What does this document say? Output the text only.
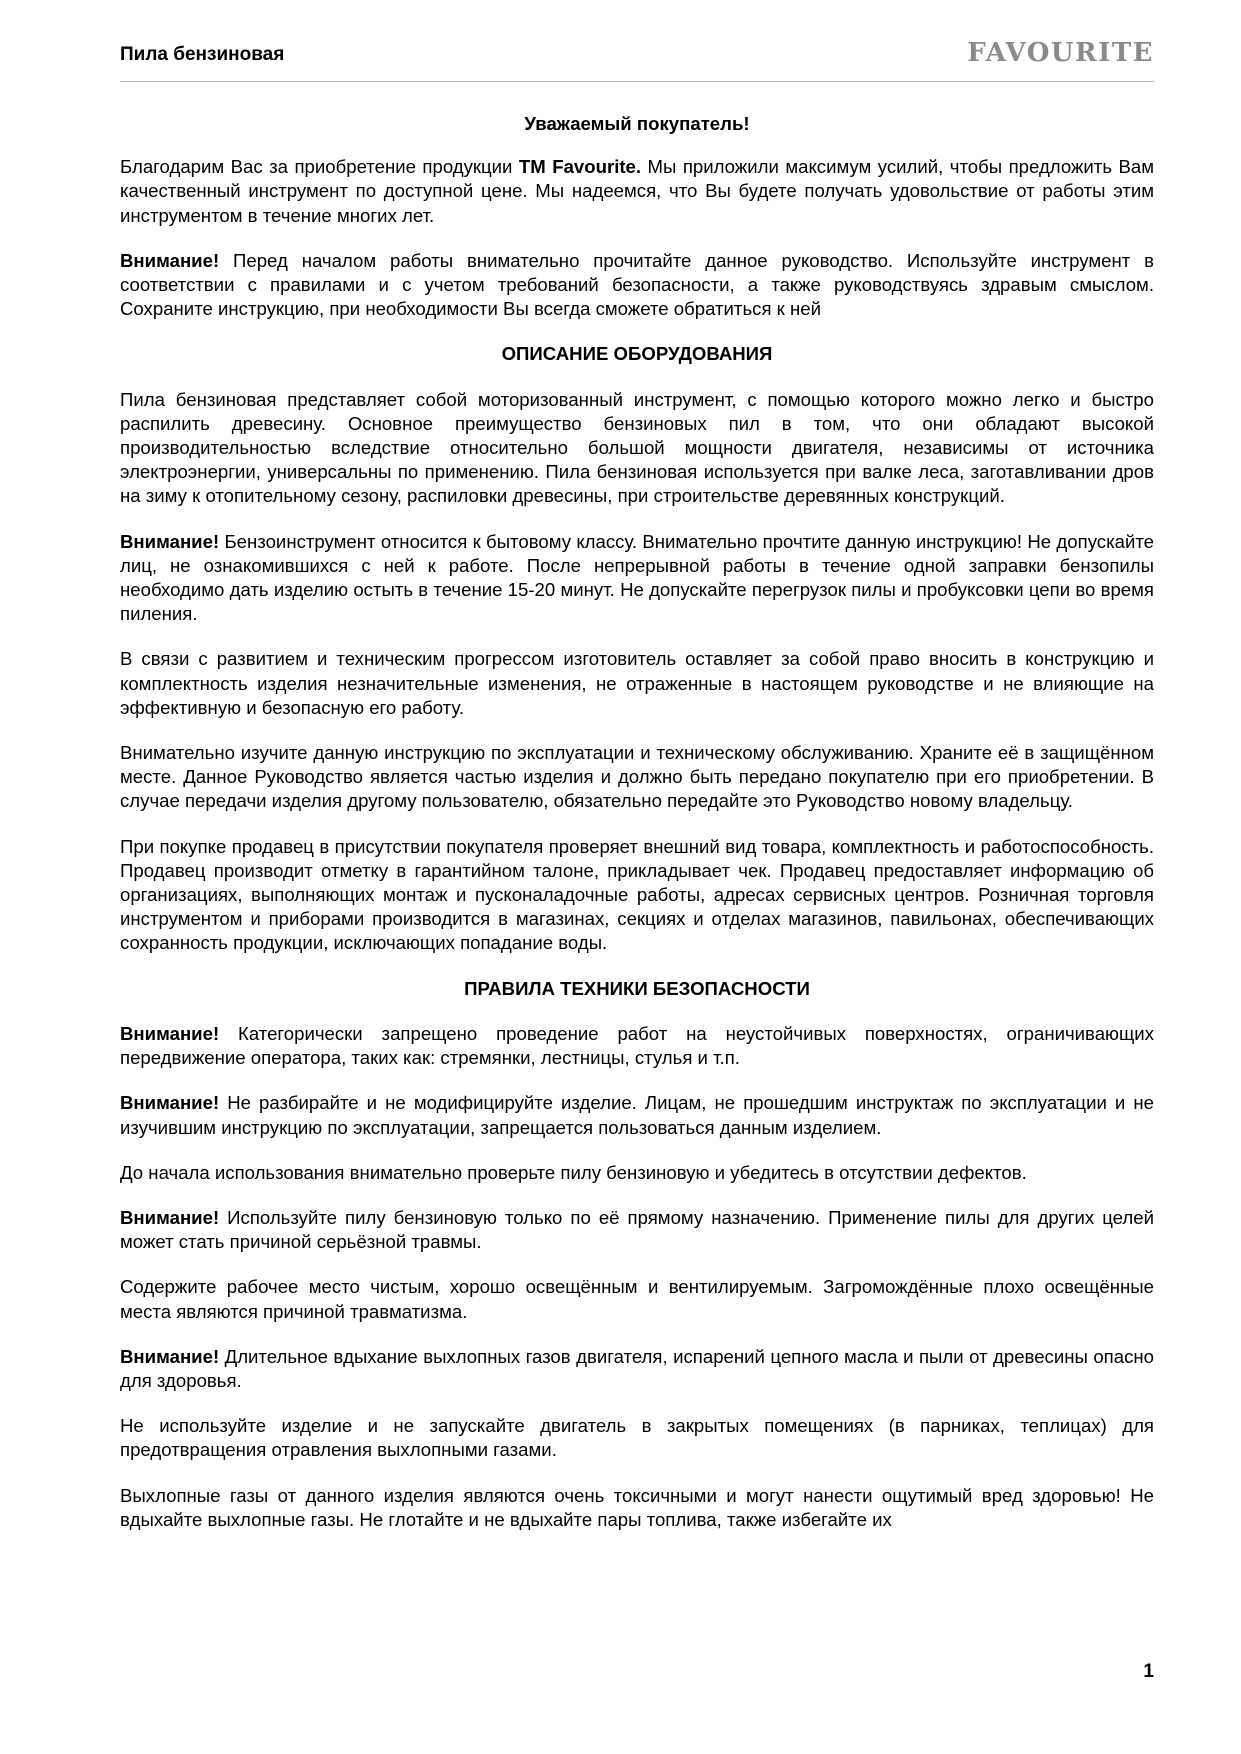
Пила бензиновая	FAVOURITE
Уважаемый покупатель!

Благодарим Вас за приобретение продукции ТМ Favourite. Мы приложили максимум усилий, чтобы предложить Вам качественный инструмент по доступной цене. Мы надеемся, что Вы будете получать удовольствие от работы этим инструментом в течение многих лет.

Внимание! Перед началом работы внимательно прочитайте данное руководство. Используйте инструмент в соответствии с правилами и с учетом требований безопасности, а также руководствуясь здравым смыслом. Сохраните инструкцию, при необходимости Вы всегда сможете обратиться к ней

ОПИСАНИЕ ОБОРУДОВАНИЯ

Пила бензиновая представляет собой моторизованный инструмент, с помощью которого можно легко и быстро распилить древесину. Основное преимущество бензиновых пил в том, что они обладают высокой производительностью вследствие относительно большой мощности двигателя, независимы от источника электроэнергии, универсальны по применению. Пила бензиновая используется при валке леса, заготавливании дров на зиму к отопительному сезону, распиловки древесины, при строительстве деревянных конструкций.

Внимание! Бензоинструмент относится к бытовому классу. Внимательно прочтите данную инструкцию! Не допускайте лиц, не ознакомившихся с ней к работе. После непрерывной работы в течение одной заправки бензопилы необходимо дать изделию остыть в течение 15-20 минут. Не допускайте перегрузок пилы и пробуксовки цепи во время пиления.

В связи с развитием и техническим прогрессом изготовитель оставляет за собой право вносить в конструкцию и комплектность изделия незначительные изменения, не отраженные в настоящем руководстве и не влияющие на эффективную и безопасную его работу.

Внимательно изучите данную инструкцию по эксплуатации и техническому обслуживанию. Храните её в защищённом месте. Данное Руководство является частью изделия и должно быть передано покупателю при его приобретении. В случае передачи изделия другому пользователю, обязательно передайте это Руководство новому владельцу.

При покупке продавец в присутствии покупателя проверяет внешний вид товара, комплектность и работоспособность. Продавец производит отметку в гарантийном талоне, прикладывает чек. Продавец предоставляет информацию об организациях, выполняющих монтаж и пусконаладочные работы, адресах сервисных центров. Розничная торговля инструментом и приборами производится в магазинах, секциях и отделах магазинов, павильонах, обеспечивающих сохранность продукции, исключающих попадание воды.

ПРАВИЛА ТЕХНИКИ БЕЗОПАСНОСТИ

Внимание! Категорически запрещено проведение работ на неустойчивых поверхностях, ограничивающих передвижение оператора, таких как: стремянки, лестницы, стулья и т.п.

Внимание! Не разбирайте и не модифицируйте изделие. Лицам, не прошедшим инструктаж по эксплуатации и не изучившим инструкцию по эксплуатации, запрещается пользоваться данным изделием.

До начала использования внимательно проверьте пилу бензиновую и убедитесь в отсутствии дефектов.

Внимание! Используйте пилу бензиновую только по её прямому назначению. Применение пилы для других целей может стать причиной серьёзной травмы.

Содержите рабочее место чистым, хорошо освещённым и вентилируемым. Загромождённые плохо освещённые места являются причиной травматизма.

Внимание! Длительное вдыхание выхлопных газов двигателя, испарений цепного масла и пыли от древесины опасно для здоровья.

Не используйте изделие и не запускайте двигатель в закрытых помещениях (в парниках, теплицах) для предотвращения отравления выхлопными газами.

Выхлопные газы от данного изделия являются очень токсичными и могут нанести ощутимый вред здоровью! Не вдыхайте выхлопные газы. Не глотайте и не вдыхайте пары топлива, также избегайте их

1
